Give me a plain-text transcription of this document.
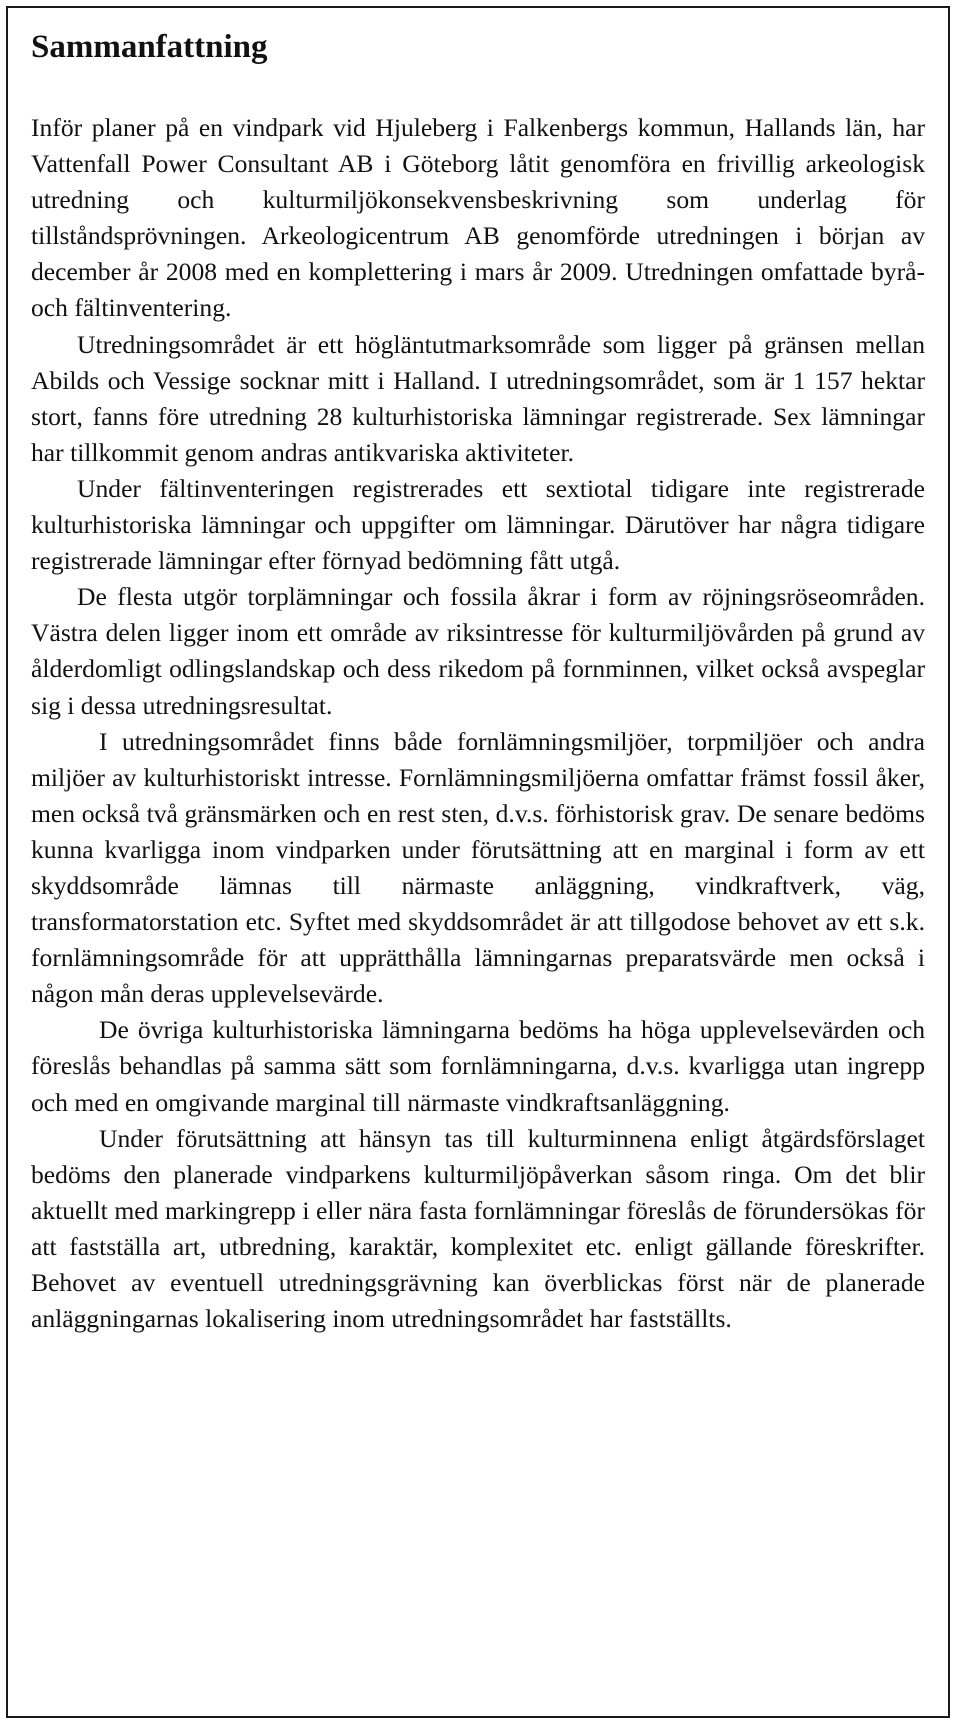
Sammanfattning

Inför planer på en vindpark vid Hjuleberg i Falkenbergs kommun, Hallands län, har Vattenfall Power Consultant AB i Göteborg låtit genomföra en frivillig arkeologisk utredning och kulturmiljökonsekvensbeskrivning som underlag för tillståndsprövningen. Arkeologicentrum AB genomförde utredningen i början av december år 2008 med en komplettering i mars år 2009. Utredningen omfattade byrå- och fältinventering.

Utredningsområdet är ett högläntutmarksområde som ligger på gränsen mellan Abilds och Vessige socknar mitt i Halland. I utredningsområdet, som är 1 157 hektar stort, fanns före utredning 28 kulturhistoriska lämningar registrerade. Sex lämningar har tillkommit genom andras antikvariska aktiviteter.

Under fältinventeringen registrerades ett sextiotal tidigare inte registrerade kulturhistoriska lämningar och uppgifter om lämningar. Därutöver har några tidigare registrerade lämningar efter förnyad bedömning fått utgå.

De flesta utgör torplämningar och fossila åkrar i form av röjningsröseområden. Västra delen ligger inom ett område av riksintresse för kulturmiljövården på grund av ålderdomligt odlingslandskap och dess rikedom på fornminnen, vilket också avspeglar sig i dessa utredningsresultat.

I utredningsområdet finns både fornlämningsmiljöer, torpmiljöer och andra miljöer av kulturhistoriskt intresse. Fornlämningsmiljöerna omfattar främst fossil åker, men också två gränsmärken och en rest sten, d.v.s. förhistorisk grav. De senare bedöms kunna kvarligga inom vindparken under förutsättning att en marginal i form av ett skyddsområde lämnas till närmaste anläggning, vindkraftverk, väg, transformatorstation etc. Syftet med skyddsområdet är att tillgodose behovet av ett s.k. fornlämningsområde för att upprätthålla lämningarnas preparatsvärde men också i någon mån deras upplevelsevärde.

De övriga kulturhistoriska lämningarna bedöms ha höga upplevelsevärden och föreslås behandlas på samma sätt som fornlämningarna, d.v.s. kvarligga utan ingrepp och med en omgivande marginal till närmaste vindkraftsanläggning.

Under förutsättning att hänsyn tas till kulturminnena enligt åtgärdsförslaget bedöms den planerade vindparkens kulturmiljöpåverkan såsom ringa. Om det blir aktuellt med markingrepp i eller nära fasta fornlämningar föreslås de förundersökas för att fastställa art, utbredning, karaktär, komplexitet etc. enligt gällande föreskrifter. Behovet av eventuell utredningsgrävning kan överblickas först när de planerade anläggningarnas lokalisering inom utredningsområdet har fastställts.
